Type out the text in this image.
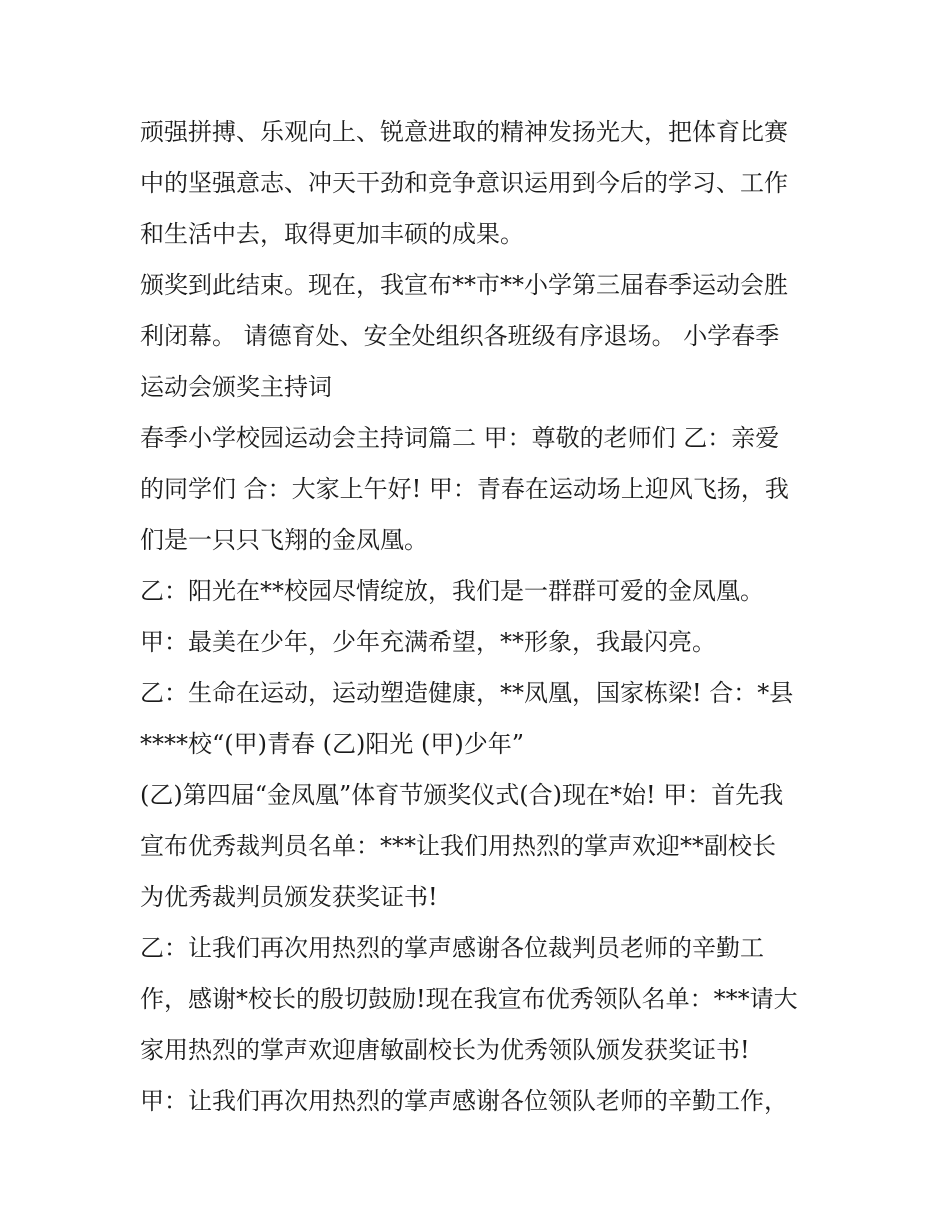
顽强拼搏、乐观向上、锐意进取的精神发扬光大，把体育比赛
中的坚强意志、冲天干劲和竞争意识运用到今后的学习、工作
和生活中去，取得更加丰硕的成果。
颁奖到此结束。现在，我宣布**市**小学第三届春季运动会胜
利闭幕。 请德育处、安全处组织各班级有序退场。 小学春季
运动会颁奖主持词
春季小学校园运动会主持词篇二 甲：尊敬的老师们 乙：亲爱
的同学们 合：大家上午好! 甲：青春在运动场上迎风飞扬，我
们是一只只飞翔的金凤凰。
乙：阳光在**校园尽情绽放，我们是一群群可爱的金凤凰。
甲：最美在少年，少年充满希望，**形象，我最闪亮。
乙：生命在运动，运动塑造健康，**凤凰，国家栋梁! 合：*县
****校“(甲)青春 (乙)阳光 (甲)少年”
(乙)第四届“金凤凰”体育节颁奖仪式(合)现在*始! 甲：首先我
宣布优秀裁判员名单：***让我们用热烈的掌声欢迎**副校长
为优秀裁判员颁发获奖证书!
乙：让我们再次用热烈的掌声感谢各位裁判员老师的辛勤工
作，感谢*校长的殷切鼓励!现在我宣布优秀领队名单：***请大
家用热烈的掌声欢迎唐敏副校长为优秀领队颁发获奖证书!
甲：让我们再次用热烈的掌声感谢各位领队老师的辛勤工作，
